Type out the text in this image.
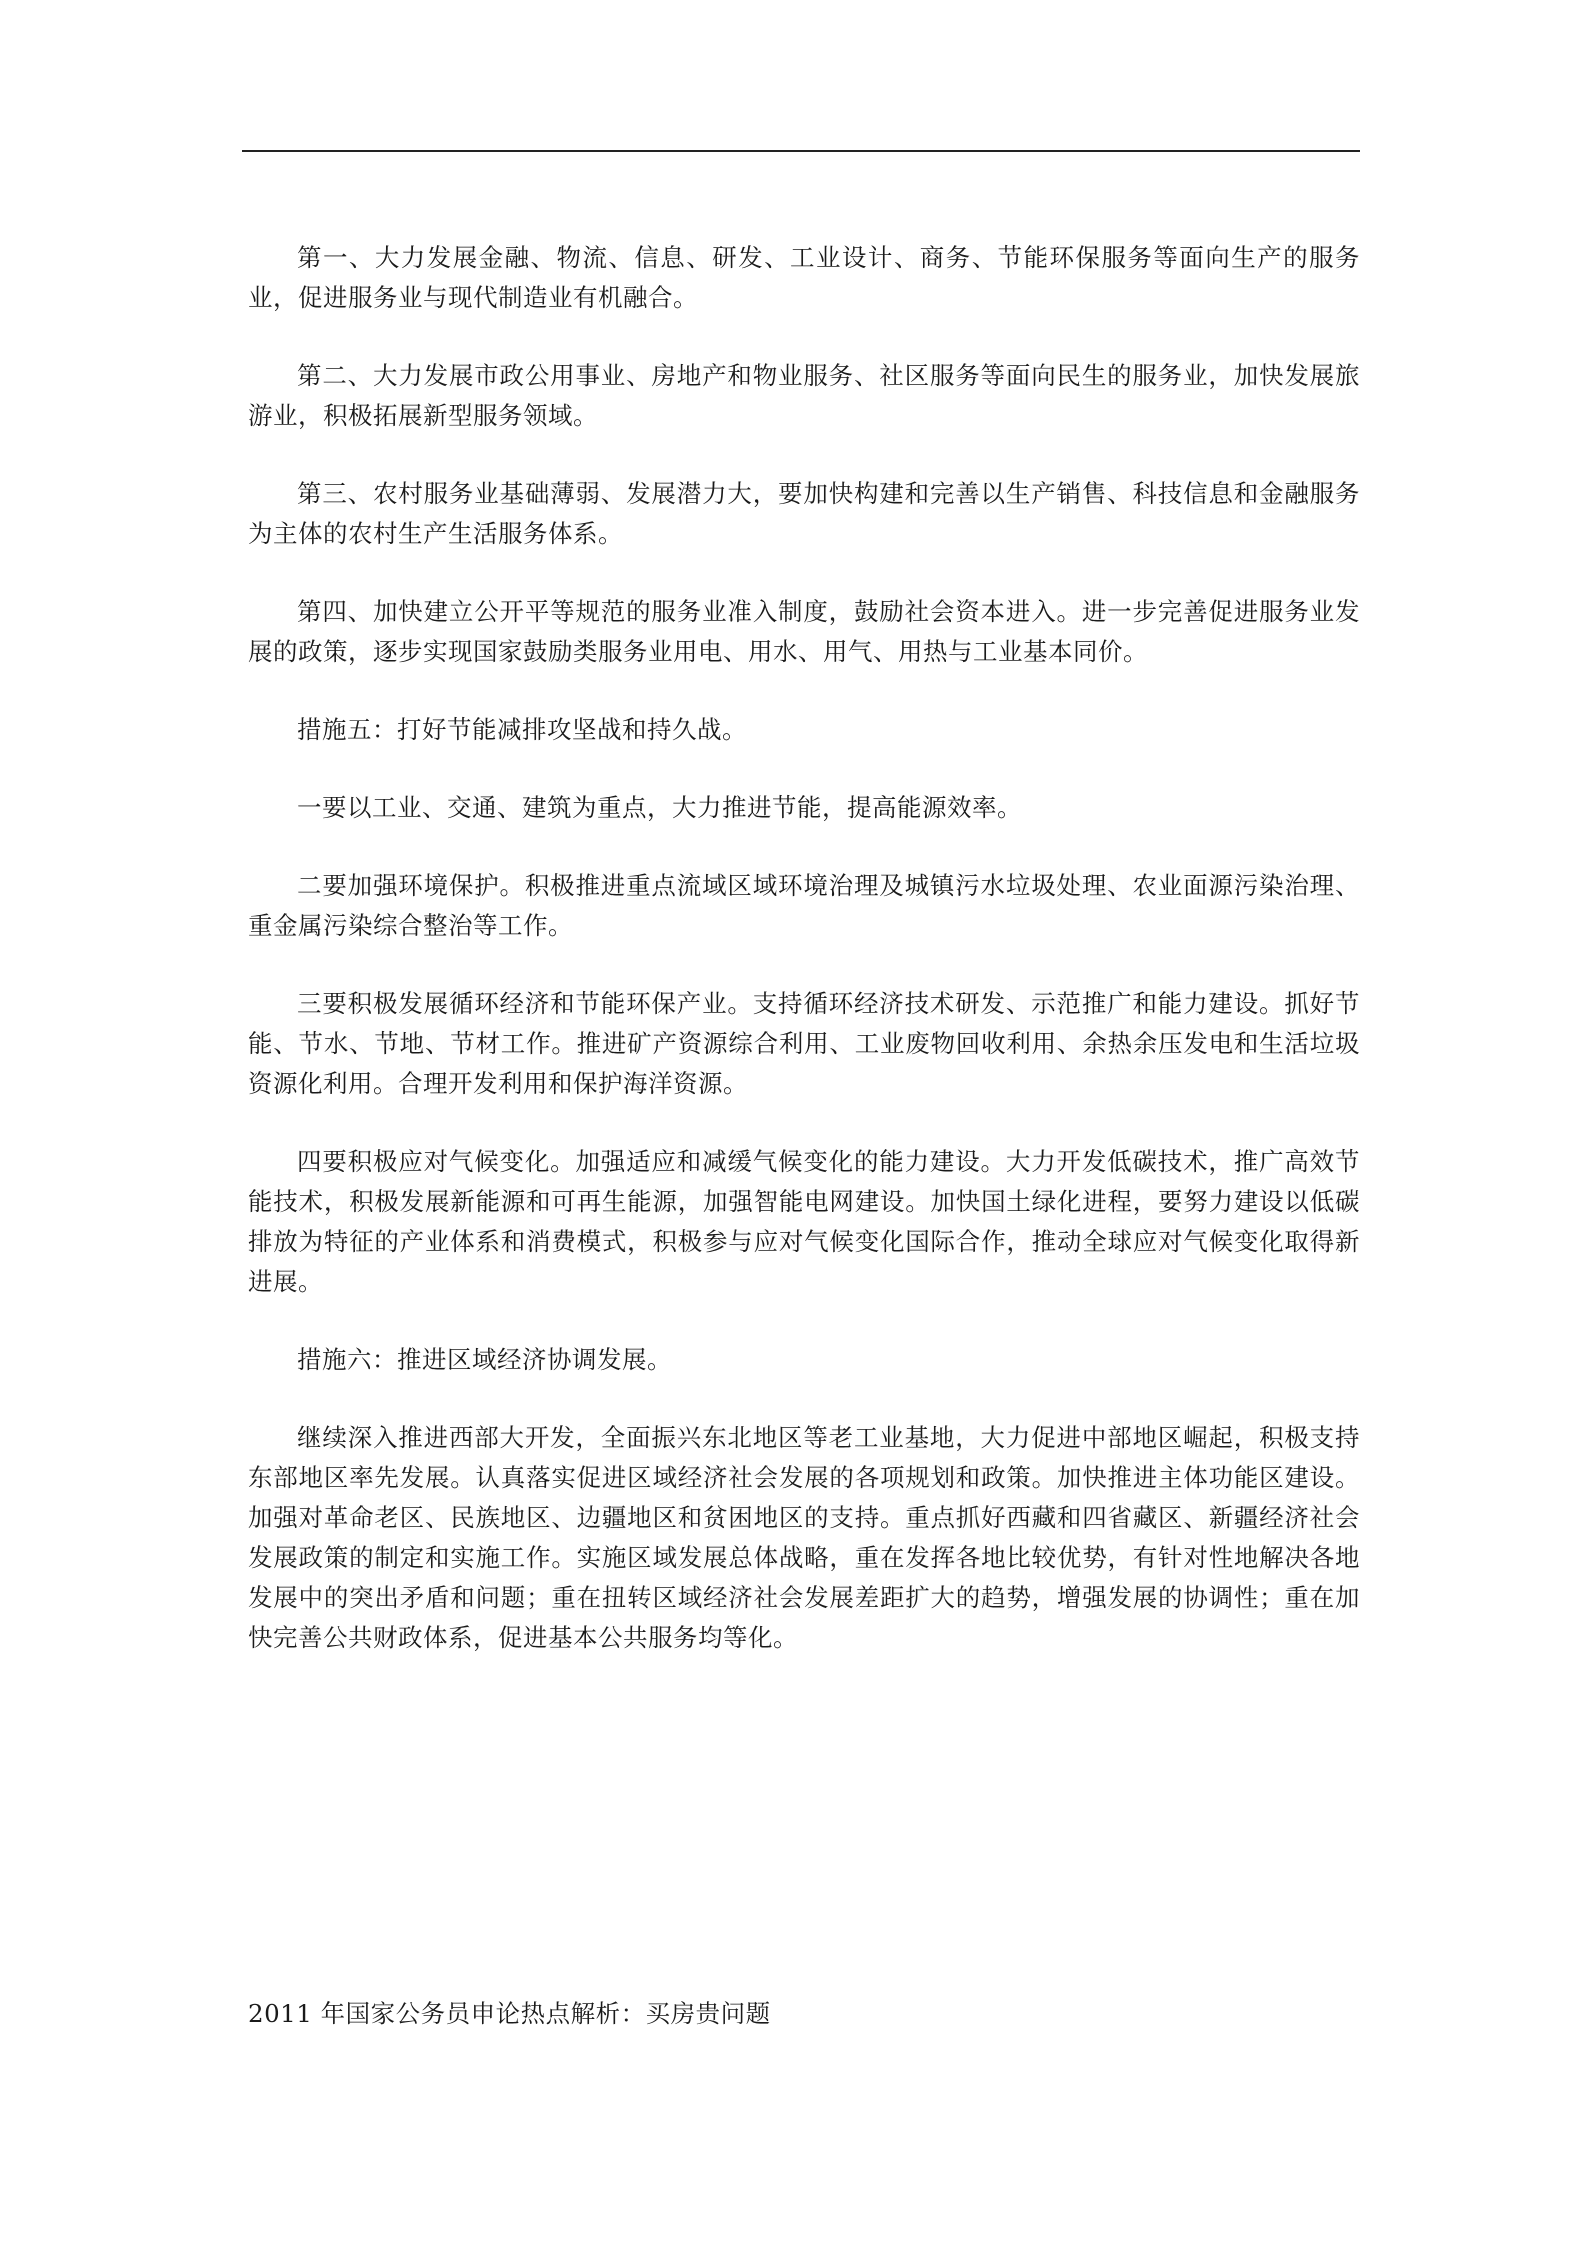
第一、大力发展金融、物流、信息、研发、工业设计、商务、节能环保服务等面向生产的服务业，促进服务业与现代制造业有机融合。

第二、大力发展市政公用事业、房地产和物业服务、社区服务等面向民生的服务业，加快发展旅游业，积极拓展新型服务领域。

第三、农村服务业基础薄弱、发展潜力大，要加快构建和完善以生产销售、科技信息和金融服务为主体的农村生产生活服务体系。

第四、加快建立公开平等规范的服务业准入制度，鼓励社会资本进入。进一步完善促进服务业发展的政策，逐步实现国家鼓励类服务业用电、用水、用气、用热与工业基本同价。

措施五：打好节能减排攻坚战和持久战。

一要以工业、交通、建筑为重点，大力推进节能，提高能源效率。

二要加强环境保护。积极推进重点流域区域环境治理及城镇污水垃圾处理、农业面源污染治理、重金属污染综合整治等工作。

三要积极发展循环经济和节能环保产业。支持循环经济技术研发、示范推广和能力建设。抓好节能、节水、节地、节材工作。推进矿产资源综合利用、工业废物回收利用、余热余压发电和生活垃圾资源化利用。合理开发利用和保护海洋资源。

四要积极应对气候变化。加强适应和减缓气候变化的能力建设。大力开发低碳技术，推广高效节能技术，积极发展新能源和可再生能源，加强智能电网建设。加快国土绿化进程，要努力建设以低碳排放为特征的产业体系和消费模式，积极参与应对气候变化国际合作，推动全球应对气候变化取得新进展。

措施六：推进区域经济协调发展。

继续深入推进西部大开发，全面振兴东北地区等老工业基地，大力促进中部地区崛起，积极支持东部地区率先发展。认真落实促进区域经济社会发展的各项规划和政策。加快推进主体功能区建设。加强对革命老区、民族地区、边疆地区和贫困地区的支持。重点抓好西藏和四省藏区、新疆经济社会发展政策的制定和实施工作。实施区域发展总体战略，重在发挥各地比较优势，有针对性地解决各地发展中的突出矛盾和问题；重在扭转区域经济社会发展差距扩大的趋势，增强发展的协调性；重在加快完善公共财政体系，促进基本公共服务均等化。

2011 年国家公务员申论热点解析：买房贵问题
